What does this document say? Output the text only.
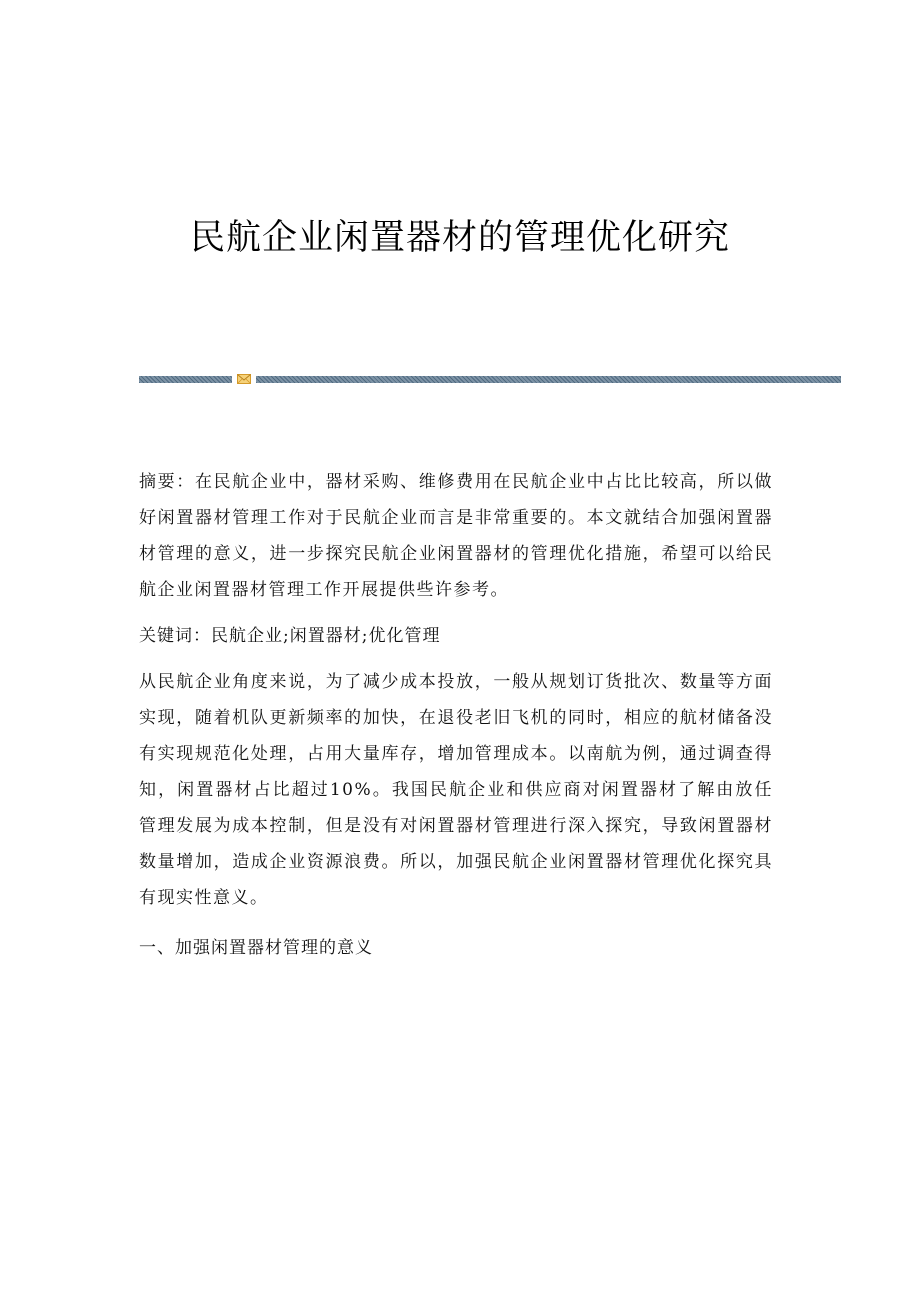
民航企业闲置器材的管理优化研究

摘要：在民航企业中，器材采购、维修费用在民航企业中占比比较高，所以做好闲置器材管理工作对于民航企业而言是非常重要的。本文就结合加强闲置器材管理的意义，进一步探究民航企业闲置器材的管理优化措施，希望可以给民航企业闲置器材管理工作开展提供些许参考。

关键词：民航企业;闲置器材;优化管理

从民航企业角度来说，为了减少成本投放，一般从规划订货批次、数量等方面实现，随着机队更新频率的加快，在退役老旧飞机的同时，相应的航材储备没有实现规范化处理，占用大量库存，增加管理成本。以南航为例，通过调查得知，闲置器材占比超过10%。我国民航企业和供应商对闲置器材了解由放任管理发展为成本控制，但是没有对闲置器材管理进行深入探究，导致闲置器材数量增加，造成企业资源浪费。所以，加强民航企业闲置器材管理优化探究具有现实性意义。

一、加强闲置器材管理的意义
